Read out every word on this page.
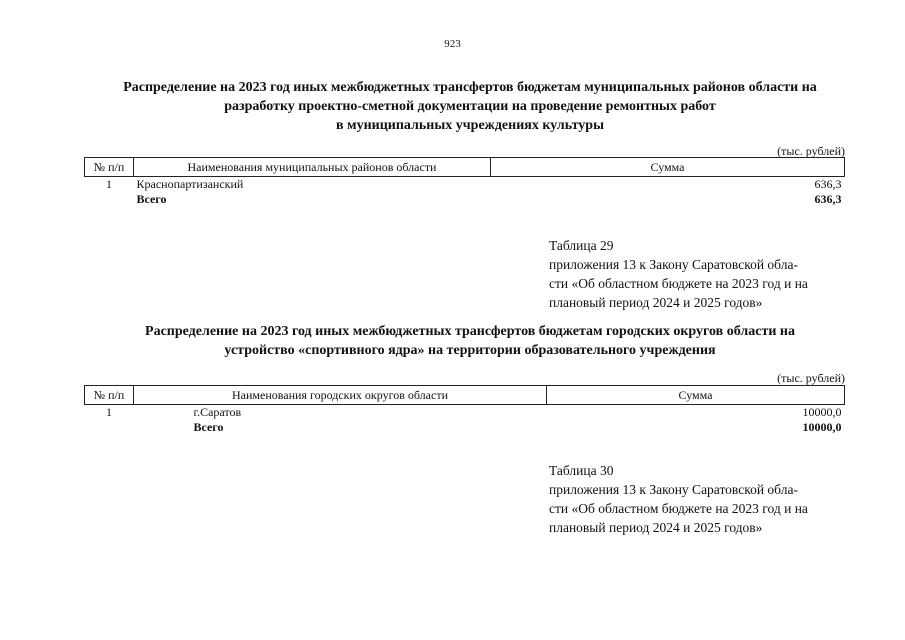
923
Распределение на 2023 год иных межбюджетных трансфертов бюджетам муниципальных районов области на
разработку проектно-сметной документации на проведение ремонтных работ
в муниципальных учреждениях культуры
(тыс. рублей)
№ п/п	Наименования муниципальных районов области	Сумма
1	Краснопартизанский	636,3
	Всего	636,3
Таблица 29
приложения 13 к Закону Саратовской обла-
сти «Об областном бюджете на 2023 год и на
плановый период 2024 и 2025 годов»
Распределение на 2023 год иных межбюджетных трансфертов бюджетам городских округов области на
устройство «спортивного ядра» на территории образовательного учреждения
(тыс. рублей)
№ п/п	Наименования городских округов области	Сумма
1	г.Саратов	10000,0
	Всего	10000,0
Таблица 30
приложения 13 к Закону Саратовской обла-
сти «Об областном бюджете на 2023 год и на
плановый период 2024 и 2025 годов»
